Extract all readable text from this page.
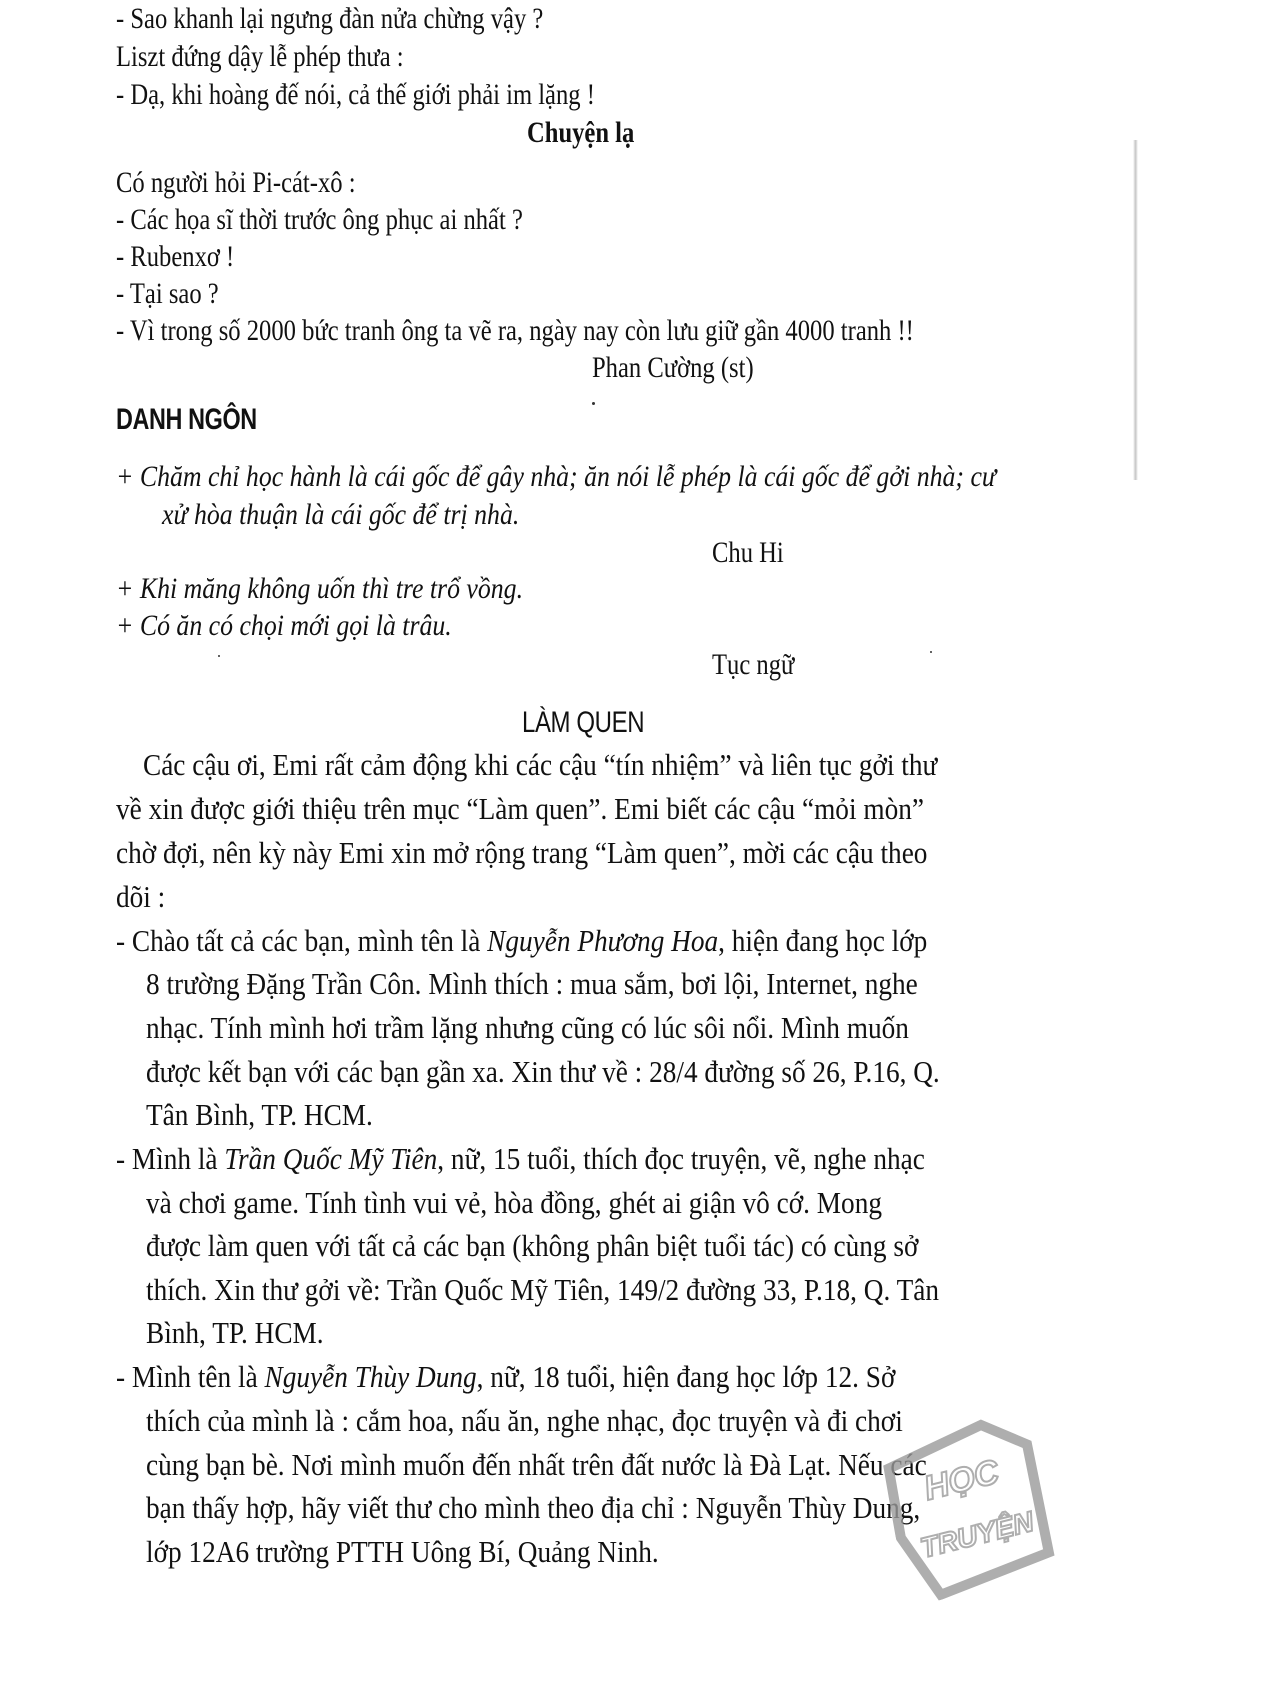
- Sao khanh lại ngưng đàn nửa chừng vậy ?
Liszt đứng dậy lễ phép thưa :
- Dạ, khi hoàng đế nói, cả thế giới phải im lặng !
Chuyện lạ
Có người hỏi Pi-cát-xô :
- Các họa sĩ thời trước ông phục ai nhất ?
- Rubenxơ !
- Tại sao ?
- Vì trong số 2000 bức tranh ông ta vẽ ra, ngày nay còn lưu giữ gần 4000 tranh !!
Phan Cường (st)
DANH NGÔN
+ Chăm chỉ học hành là cái gốc để gây nhà; ăn nói lễ phép là cái gốc để gởi nhà; cư
xử hòa thuận là cái gốc để trị nhà.
Chu Hi
+ Khi măng không uốn thì tre trổ vồng.
+ Có ăn có chọi mới gọi là trâu.
Tục ngữ
LÀM QUEN
Các cậu ơi, Emi rất cảm động khi các cậu “tín nhiệm” và liên tục gởi thư
về xin được giới thiệu trên mục “Làm quen”. Emi biết các cậu “mỏi mòn”
chờ đợi, nên kỳ này Emi xin mở rộng trang “Làm quen”, mời các cậu theo
dõi :
- Chào tất cả các bạn, mình tên là Nguyễn Phương Hoa, hiện đang học lớp
8 trường Đặng Trần Côn. Mình thích : mua sắm, bơi lội, Internet, nghe
nhạc. Tính mình hơi trầm lặng nhưng cũng có lúc sôi nổi. Mình muốn
được kết bạn với các bạn gần xa. Xin thư về : 28/4 đường số 26, P.16, Q.
Tân Bình, TP. HCM.
- Mình là Trần Quốc Mỹ Tiên, nữ, 15 tuổi, thích đọc truyện, vẽ, nghe nhạc
và chơi game. Tính tình vui vẻ, hòa đồng, ghét ai giận vô cớ. Mong
được làm quen với tất cả các bạn (không phân biệt tuổi tác) có cùng sở
thích. Xin thư gởi về: Trần Quốc Mỹ Tiên, 149/2 đường 33, P.18, Q. Tân
Bình, TP. HCM.
- Mình tên là Nguyễn Thùy Dung, nữ, 18 tuổi, hiện đang học lớp 12. Sở
thích của mình là : cắm hoa, nấu ăn, nghe nhạc, đọc truyện và đi chơi
cùng bạn bè. Nơi mình muốn đến nhất trên đất nước là Đà Lạt. Nếu các
bạn thấy hợp, hãy viết thư cho mình theo địa chỉ : Nguyễn Thùy Dung,
lớp 12A6 trường PTTH Uông Bí, Quảng Ninh.
HỌC
TRUYỆN
